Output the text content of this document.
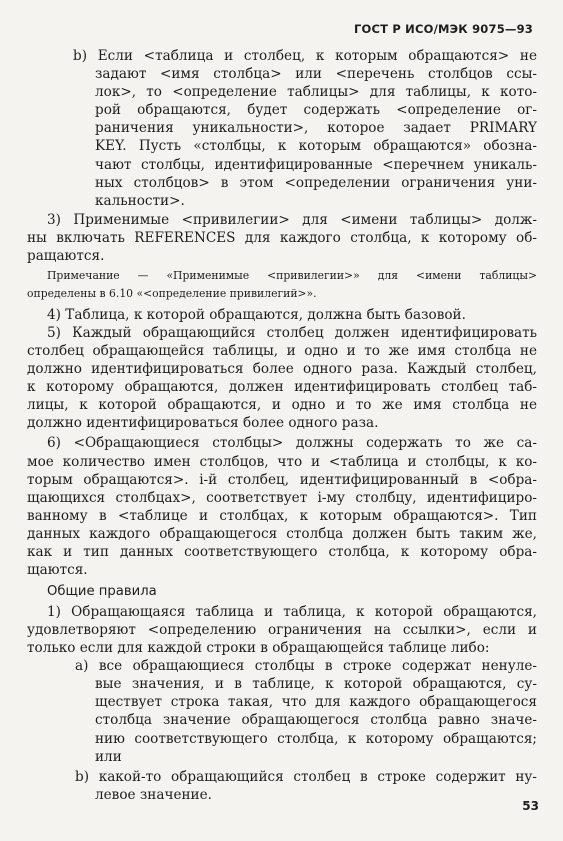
ГОСТ Р ИСО/МЭК 9075—93
b) Если <таблица и столбец, к которым обращаются> не
задают <имя столбца> или <перечень столбцов ссы-
лок>, то <определение таблицы> для таблицы, к кото-
рой обращаются, будет содержать <определение ог-
раничения уникальности>, которое задает PRIMARY
KEY. Пусть «столбцы, к которым обращаются» обозна-
чают столбцы, идентифицированные <перечнем уникаль-
ных столбцов> в этом <определении ограничения уни-
кальности>.
3) Применимые <привилегии> для <имени таблицы> долж-
ны включать REFERENCES для каждого столбца, к которому об-
ращаются.
Примечание — «Применимые <привилегии>» для <имени таблицы>
определены в 6.10 «<определение привилегий>».
4) Таблица, к которой обращаются, должна быть базовой.
5) Каждый обращающийся столбец должен идентифицировать
столбец обращающейся таблицы, и одно и то же имя столбца не
должно идентифицироваться более одного раза. Каждый столбец,
к которому обращаются, должен идентифицировать столбец таб-
лицы, к которой обращаются, и одно и то же имя столбца не
должно идентифицироваться более одного раза.
6) <Обращающиеся столбцы> должны содержать то же са-
мое количество имен столбцов, что и <таблица и столбцы, к ко-
торым обращаются>. i-й столбец, идентифицированный в <обра-
щающихся столбцах>, соответствует i-му столбцу, идентифициро-
ванному в <таблице и столбцах, к которым обращаются>. Тип
данных каждого обращающегося столбца должен быть таким же,
как и тип данных соответствующего столбца, к которому обра-
щаются.
Общие правила
1) Обращающаяся таблица и таблица, к которой обращаются,
удовлетворяют <определению ограничения на ссылки>, если и
только если для каждой строки в обращающейся таблице либо:
a) все обращающиеся столбцы в строке содержат ненуле-
вые значения, и в таблице, к которой обращаются, су-
ществует строка такая, что для каждого обращающегося
столбца значение обращающегося столбца равно значе-
нию соответствующего столбца, к которому обращаются;
или
b) какой-то обращающийся столбец в строке содержит ну-
левое значение.
53
